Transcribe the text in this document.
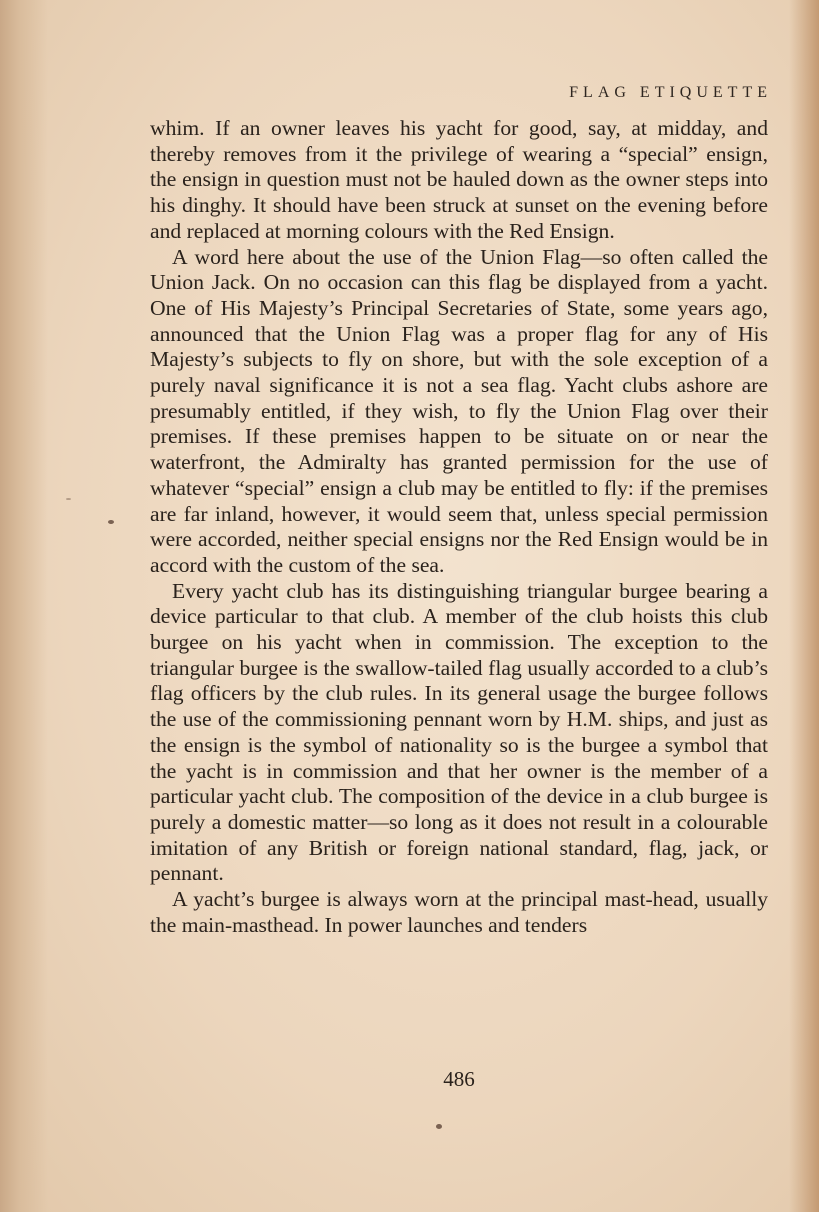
FLAG ETIQUETTE

whim. If an owner leaves his yacht for good, say, at midday, and thereby removes from it the privilege of wearing a “special” ensign, the ensign in question must not be hauled down as the owner steps into his dinghy. It should have been struck at sunset on the evening before and replaced at morning colours with the Red Ensign.

A word here about the use of the Union Flag—so often called the Union Jack. On no occasion can this flag be displayed from a yacht. One of His Majesty’s Principal Secretaries of State, some years ago, announced that the Union Flag was a proper flag for any of His Majesty’s subjects to fly on shore, but with the sole exception of a purely naval significance it is not a sea flag. Yacht clubs ashore are presumably entitled, if they wish, to fly the Union Flag over their premises. If these premises happen to be situate on or near the waterfront, the Admiralty has granted permission for the use of whatever “special” ensign a club may be entitled to fly: if the premises are far inland, however, it would seem that, unless special permission were accorded, neither special ensigns nor the Red Ensign would be in accord with the custom of the sea.

Every yacht club has its distinguishing triangular burgee bearing a device particular to that club. A member of the club hoists this club burgee on his yacht when in commission. The exception to the triangular burgee is the swallow-tailed flag usually accorded to a club’s flag officers by the club rules. In its general usage the burgee follows the use of the commissioning pennant worn by H.M. ships, and just as the ensign is the symbol of nationality so is the burgee a symbol that the yacht is in commission and that her owner is the member of a particular yacht club. The composition of the device in a club burgee is purely a domestic matter—so long as it does not result in a colourable imitation of any British or foreign national standard, flag, jack, or pennant.

A yacht’s burgee is always worn at the principal mast-head, usually the main-masthead. In power launches and tenders

486
